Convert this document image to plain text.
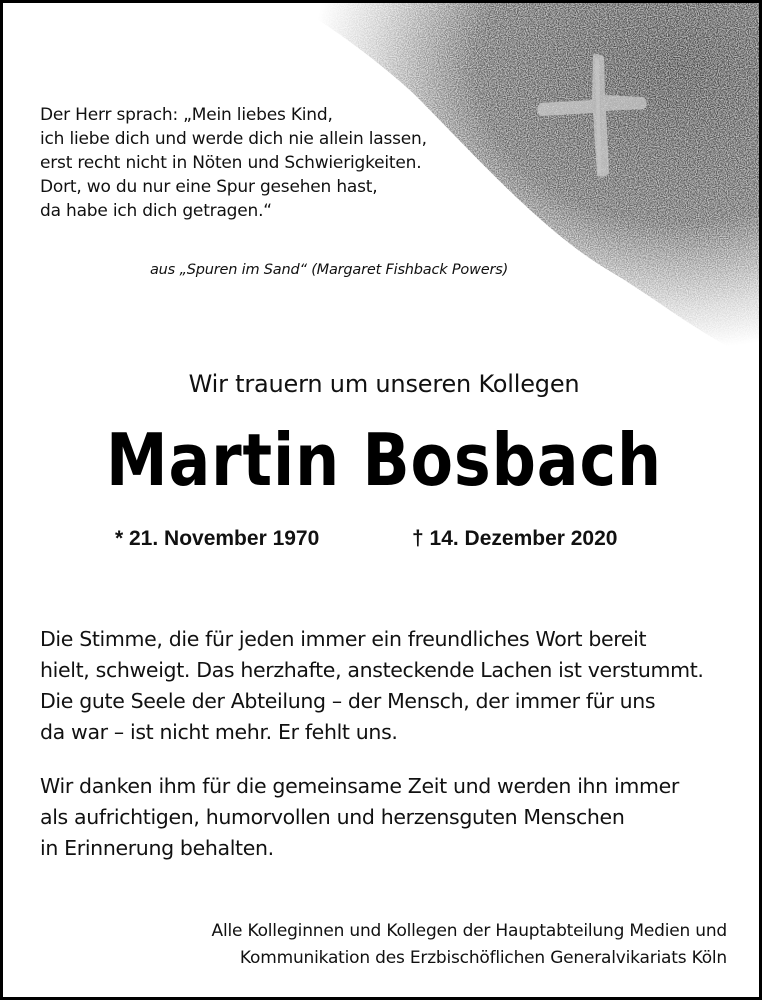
Der Herr sprach: „Mein liebes Kind,
ich liebe dich und werde dich nie allein lassen,
erst recht nicht in Nöten und Schwierigkeiten.
Dort, wo du nur eine Spur gesehen hast,
da habe ich dich getragen.“
aus „Spuren im Sand“ (Margaret Fishback Powers)
Wir trauern um unseren Kollegen
Martin Bosbach
* 21. November 1970	† 14. Dezember 2020
Die Stimme, die für jeden immer ein freundliches Wort bereit
hielt, schweigt. Das herzhafte, ansteckende Lachen ist verstummt.
Die gute Seele der Abteilung – der Mensch, der immer für uns
da war – ist nicht mehr. Er fehlt uns.
Wir danken ihm für die gemeinsame Zeit und werden ihn immer
als aufrichtigen, humorvollen und herzensguten Menschen
in Erinnerung behalten.
Alle Kolleginnen und Kollegen der Hauptabteilung Medien und
Kommunikation des Erzbischöflichen Generalvikariats Köln
